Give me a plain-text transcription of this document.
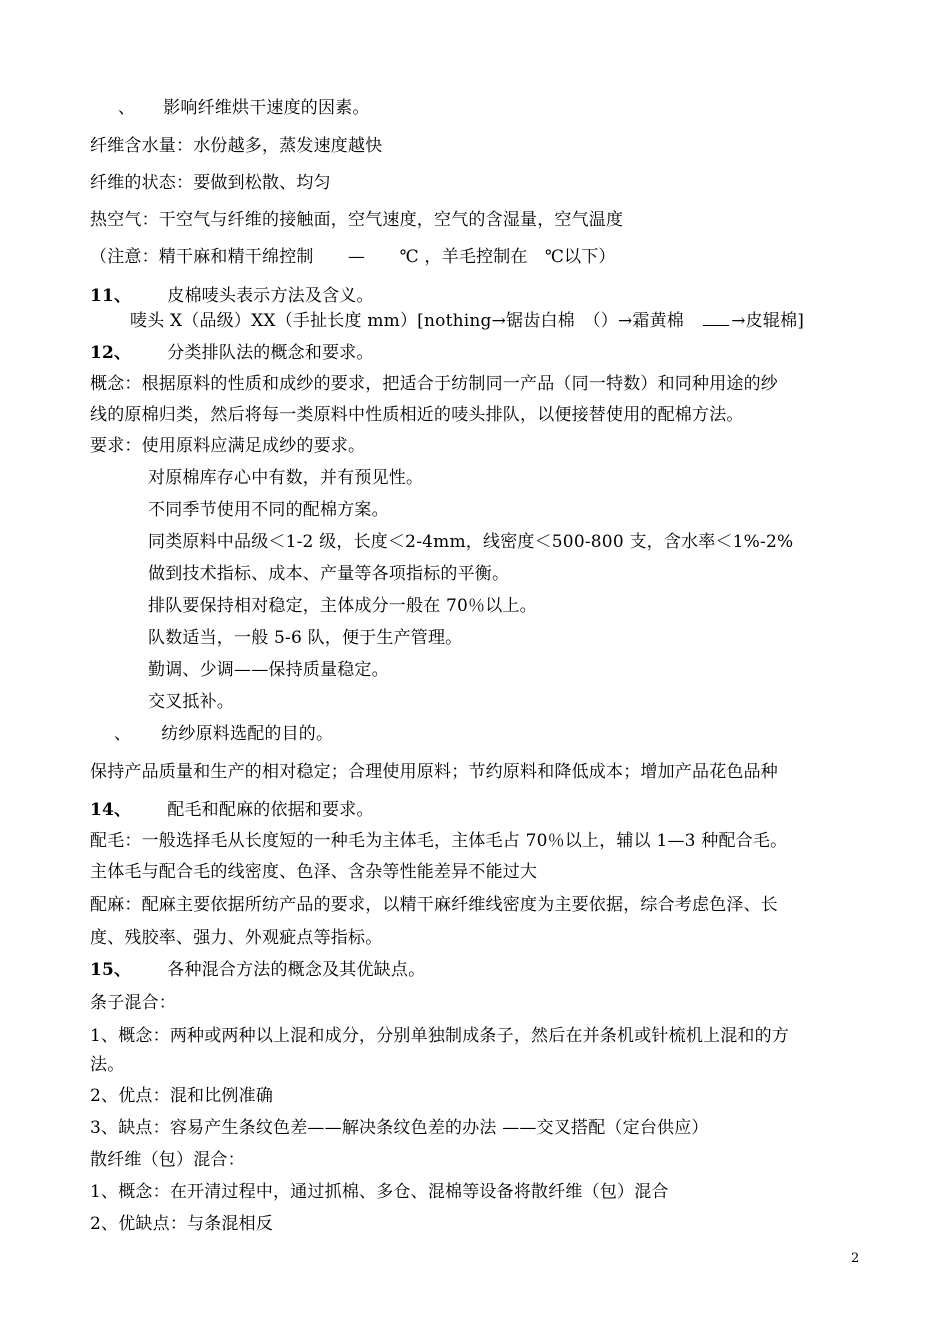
、 影响纤维烘干速度的因素。
纤维含水量：水份越多，蒸发速度越快
纤维的状态：要做到松散、均匀
热空气：干空气与纤维的接触面，空气速度，空气的含湿量，空气温度
（注意：精干麻和精干绵控制　　—　　℃ ，羊毛控制在　℃以下）
11、 皮棉唛头表示方法及含义。
唛头 X（品级）XX（手扯长度 mm）[nothing→锯齿白棉　（）→霜黄棉　→皮辊棉]
12、 分类排队法的概念和要求。
概念：根据原料的性质和成纱的要求，把适合于纺制同一产品（同一特数）和同种用途的纱
线的原棉归类，然后将每一类原料中性质相近的唛头排队，以便接替使用的配棉方法。
要求：使用原料应满足成纱的要求。
对原棉库存心中有数，并有预见性。
不同季节使用不同的配棉方案。
同类原料中品级＜1-2 级，长度＜2-4mm，线密度＜500-800 支，含水率＜1%-2%
做到技术指标、成本、产量等各项指标的平衡。
排队要保持相对稳定，主体成分一般在 70％以上。
队数适当，一般 5-6 队，便于生产管理。
勤调、少调——保持质量稳定。
交叉抵补。
、 纺纱原料选配的目的。
保持产品质量和生产的相对稳定；合理使用原料；节约原料和降低成本；增加产品花色品种
14、 配毛和配麻的依据和要求。
配毛：一般选择毛从长度短的一种毛为主体毛，主体毛占 70％以上，辅以 1—3 种配合毛。
主体毛与配合毛的线密度、色泽、含杂等性能差异不能过大
配麻：配麻主要依据所纺产品的要求，以精干麻纤维线密度为主要依据，综合考虑色泽、长
度、残胶率、强力、外观疵点等指标。
15、 各种混合方法的概念及其优缺点。
条子混合：
1、概念：两种或两种以上混和成分，分别单独制成条子，然后在并条机或针梳机上混和的方
法。
2、优点：混和比例准确
3、缺点：容易产生条纹色差——解决条纹色差的办法 ——交叉搭配（定台供应）
散纤维（包）混合：
1、概念：在开清过程中，通过抓棉、多仓、混棉等设备将散纤维（包）混合
2、优缺点：与条混相反
2
